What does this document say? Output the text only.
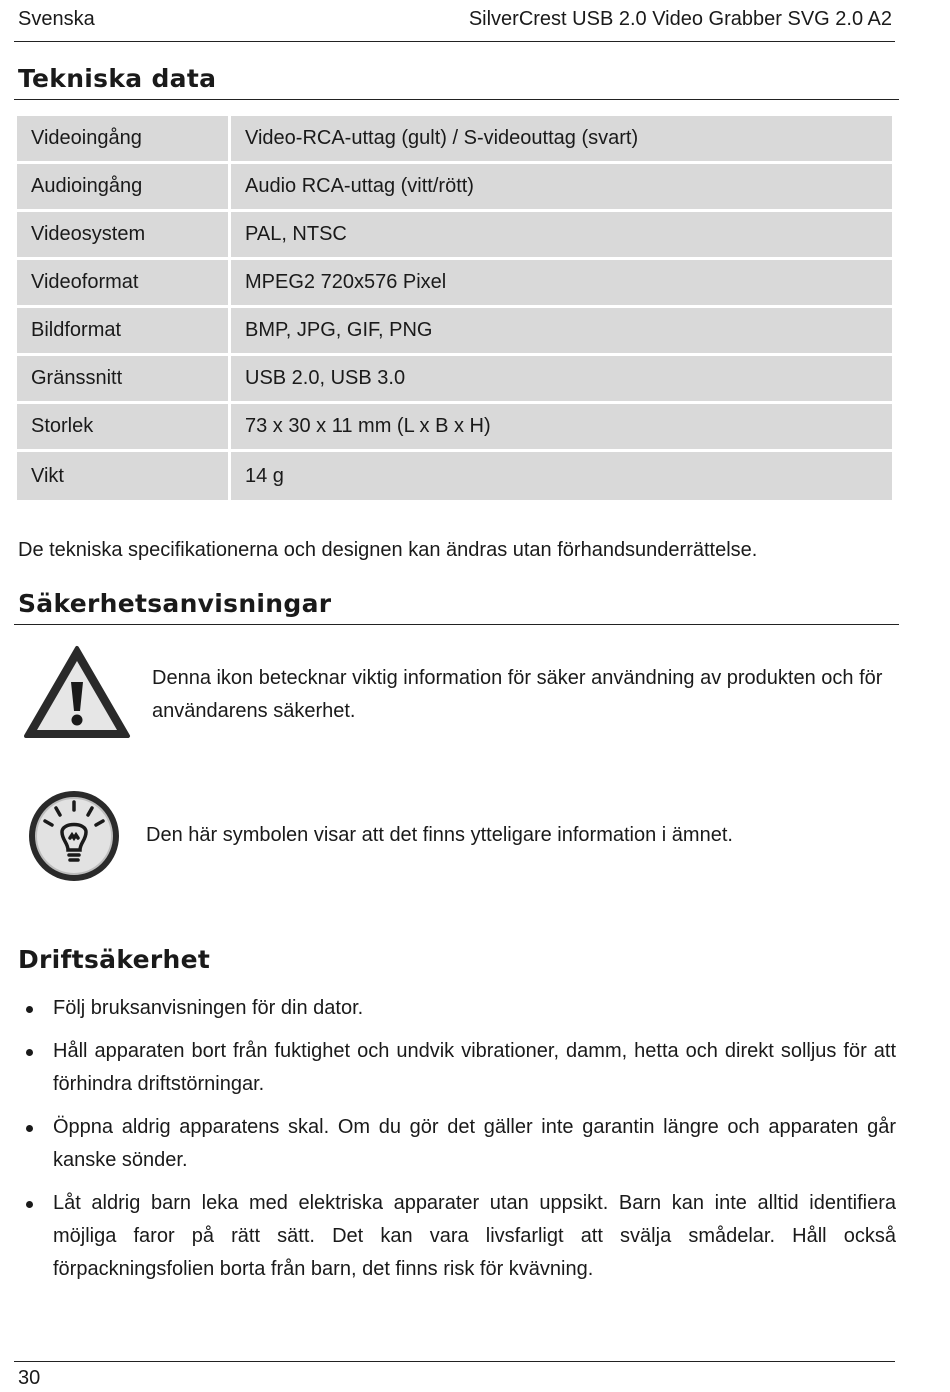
Svenska	SilverCrest USB 2.0 Video Grabber SVG 2.0 A2
Tekniska data
Videoingång	Video-RCA-uttag (gult) / S-videouttag (svart)
Audioingång	Audio RCA-uttag (vitt/rött)
Videosystem	PAL, NTSC
Videoformat	MPEG2 720x576 Pixel
Bildformat	BMP, JPG, GIF, PNG
Gränssnitt	USB 2.0, USB 3.0
Storlek	73 x 30 x 11 mm (L x B x H)
Vikt	14 g
De tekniska specifikationerna och designen kan ändras utan förhandsunderrättelse.
Säkerhetsanvisningar
Denna ikon betecknar viktig information för säker användning av produkten och för användarens säkerhet.
Den här symbolen visar att det finns ytteligare information i ämnet.
Driftsäkerhet
Följ bruksanvisningen för din dator.
Håll apparaten bort från fuktighet och undvik vibrationer, damm, hetta och direkt solljus för att förhindra driftstörningar.
Öppna aldrig apparatens skal. Om du gör det gäller inte garantin längre och apparaten går kanske sönder.
Låt aldrig barn leka med elektriska apparater utan uppsikt. Barn kan inte alltid identifiera möjliga faror på rätt sätt. Det kan vara livsfarligt att svälja smådelar. Håll också förpackningsfolien borta från barn, det finns risk för kvävning.
30
